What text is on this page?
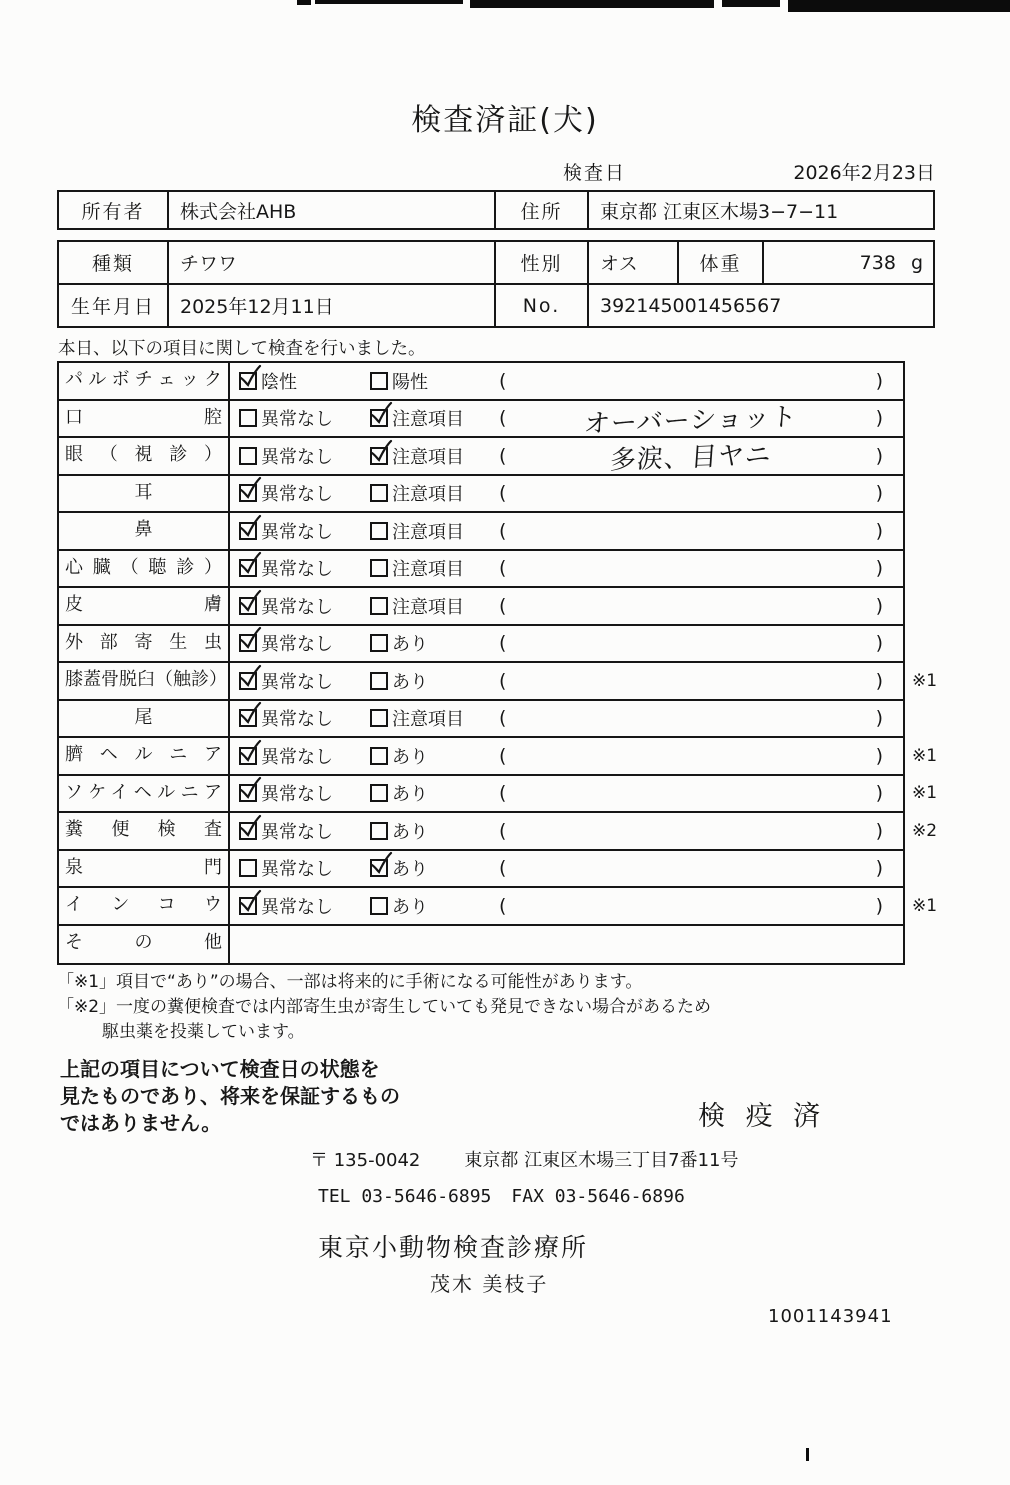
検査済証(犬)
検査日	2026年2月23日
所有者	株式会社AHB	住所	東京都 江東区木場3−7−11
種類	チワワ	性別	オス	体重	738 g
生年月日	2025年12月11日	No.	392145001456567

本日、以下の項目に関して検査を行いました。

パルボチェック	陰性	陽性	(	)
口腔	異常なし	注意項目 (	オーバーショット	)
眼（視診）	異常なし	注意項目 (	多涙、目ヤニ	)
耳	異常なし	注意項目 (	)
鼻	異常なし	注意項目 (	)
心臓（聴診）	異常なし	注意項目 (	)
皮膚	異常なし	注意項目 (	)
外部寄生虫	異常なし	あり	(	)
膝蓋骨脱臼（触診） 異常なし	あり	(	) ※1
尾	異常なし	注意項目 (	)
臍ヘルニア	異常なし	あり	(	) ※1
ソケイヘルニア	異常なし	あり	(	) ※1
糞便検査	異常なし	あり	(	) ※2
泉門	異常なし	あり	(	)
インコウ	異常なし	あり	(	) ※1
その他
「※1」項目で“あり”の場合、一部は将来的に手術になる可能性があります。
「※2」一度の糞便検査では内部寄生虫が寄生していても発見できない場合があるため
駆虫薬を投薬しています。
上記の項目について検査日の状態を
見たものであり、将来を保証するもの
ではありません。	検 疫 済
〒 135-0042 東京都 江東区木場三丁目7番11号
TEL 03-5646-6895 FAX 03-5646-6896
東京小動物検査診療所
茂木 美枝子
1001143941
